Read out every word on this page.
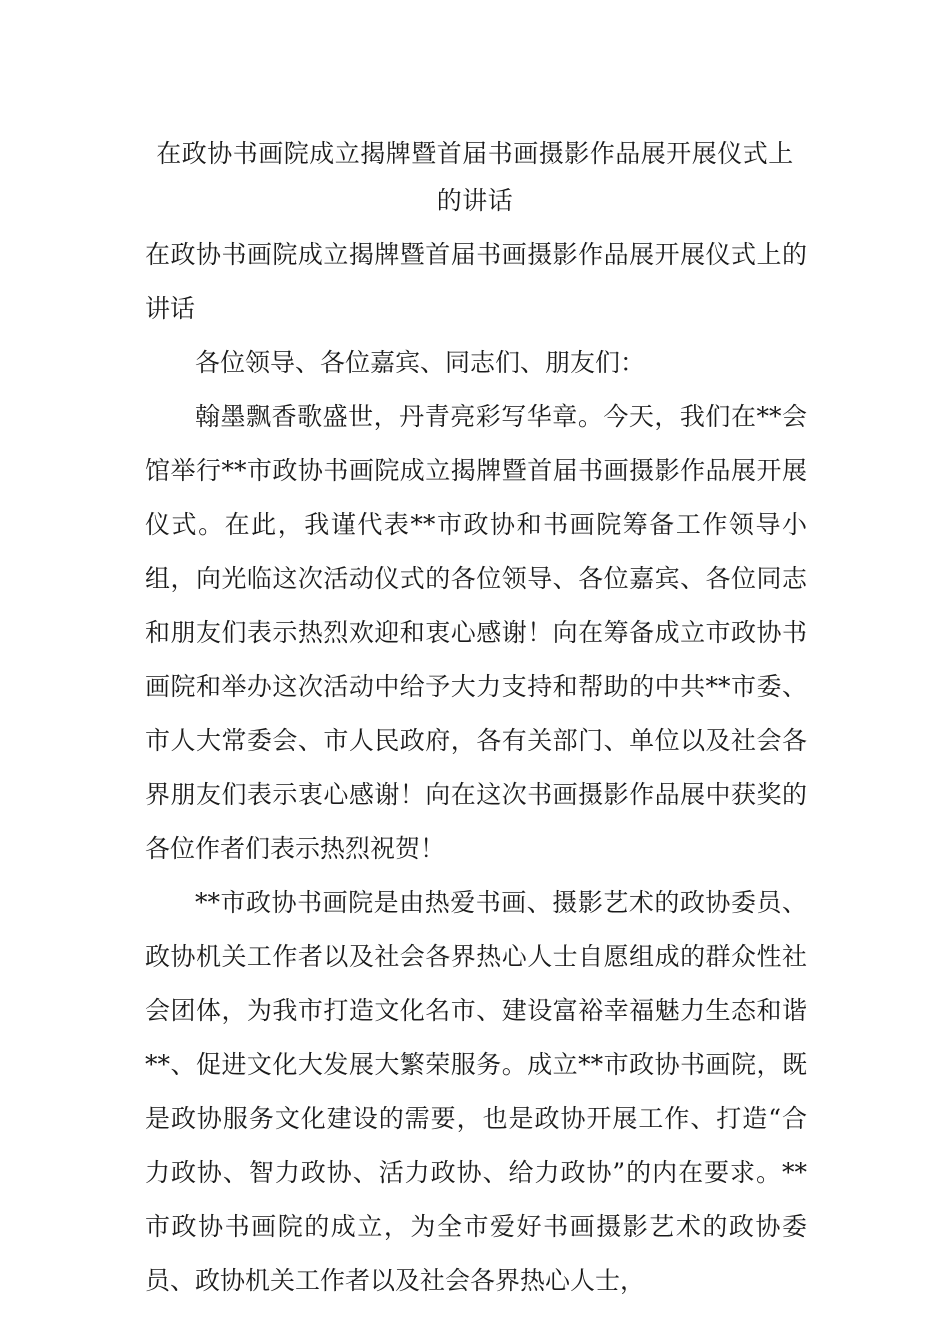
在政协书画院成立揭牌暨首届书画摄影作品展开展仪式上的讲话

在政协书画院成立揭牌暨首届书画摄影作品展开展仪式上的讲话

各位领导、各位嘉宾、同志们、朋友们：

翰墨飘香歌盛世，丹青亮彩写华章。今天，我们在**会馆举行**市政协书画院成立揭牌暨首届书画摄影作品展开展仪式。在此，我谨代表**市政协和书画院筹备工作领导小组，向光临这次活动仪式的各位领导、各位嘉宾、各位同志和朋友们表示热烈欢迎和衷心感谢！向在筹备成立市政协书画院和举办这次活动中给予大力支持和帮助的中共**市委、市人大常委会、市人民政府，各有关部门、单位以及社会各界朋友们表示衷心感谢！向在这次书画摄影作品展中获奖的各位作者们表示热烈祝贺！

**市政协书画院是由热爱书画、摄影艺术的政协委员、政协机关工作者以及社会各界热心人士自愿组成的群众性社会团体，为我市打造文化名市、建设富裕幸福魅力生态和谐**、促进文化大发展大繁荣服务。成立**市政协书画院，既是政协服务文化建设的需要，也是政协开展工作、打造“合力政协、智力政协、活力政协、给力政协”的内在要求。**市政协书画院的成立，为全市爱好书画摄影艺术的政协委员、政协机关工作者以及社会各界热心人士，
